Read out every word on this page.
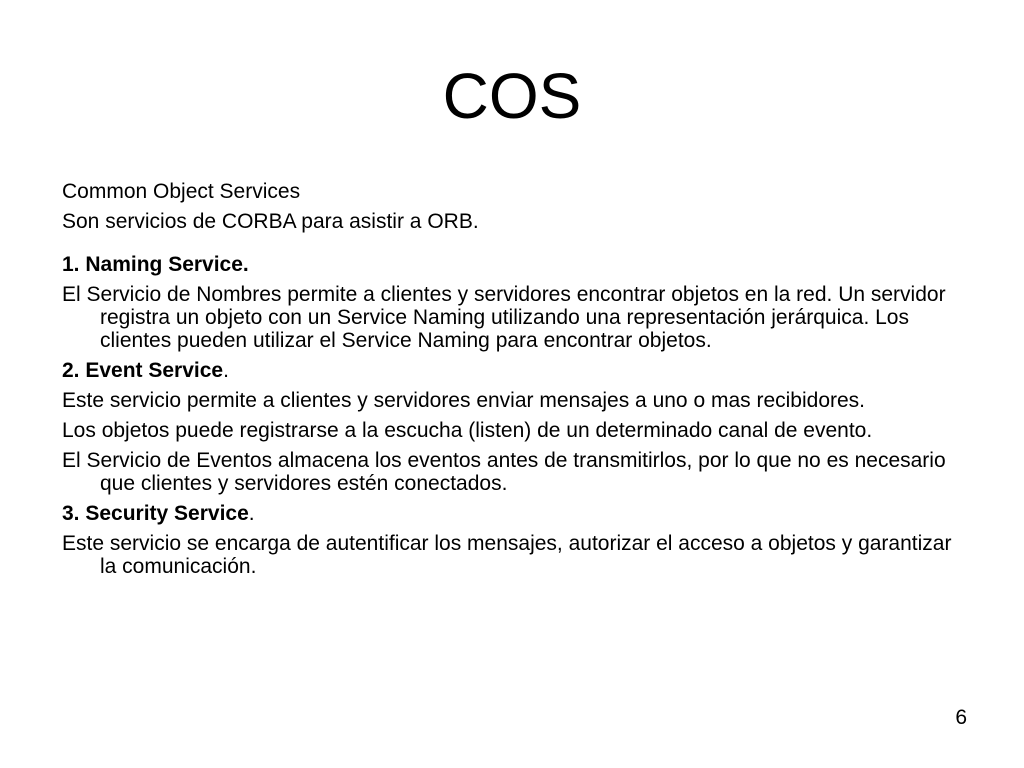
COS

Common Object Services

Son servicios de CORBA para asistir a ORB.

1. Naming Service.

El Servicio de Nombres permite a clientes y servidores encontrar objetos en la red. Un servidor registra un objeto con un Service Naming utilizando una representación jerárquica. Los clientes pueden utilizar el Service Naming para encontrar objetos.

2. Event Service.

Este servicio permite a clientes y servidores enviar mensajes a uno o mas recibidores.

Los objetos puede registrarse a la escucha (listen) de un determinado canal de evento.

El Servicio de Eventos almacena los eventos antes de transmitirlos, por lo que no es necesario que clientes y servidores estén conectados.

3. Security Service.

Este servicio se encarga de autentificar los mensajes, autorizar el acceso a objetos y garantizar la comunicación.

6
